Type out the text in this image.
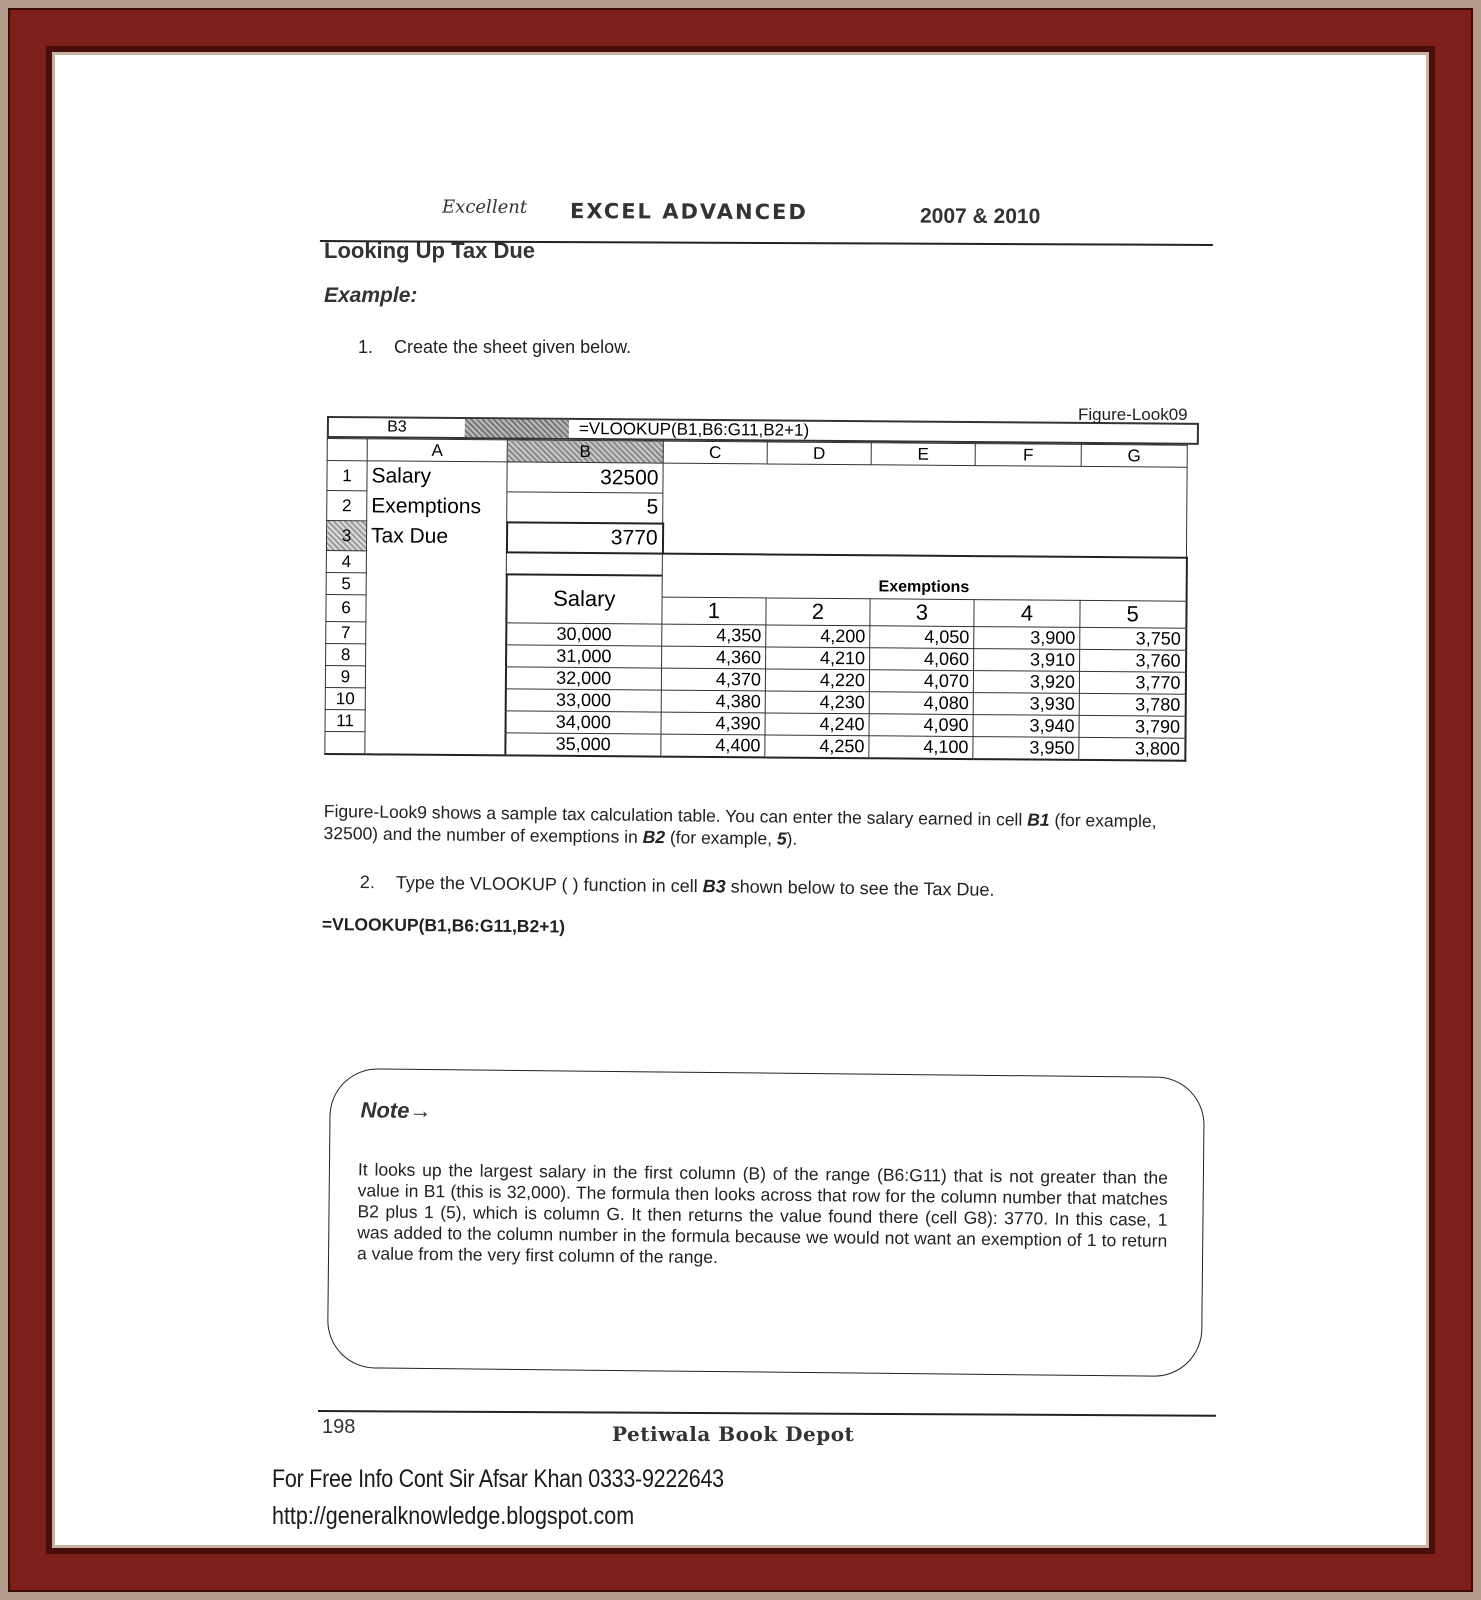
Excellent EXCEL ADVANCED	2007 & 2010
Looking Up Tax Due
Example:
1. Create the sheet given below.
Figure-Look09
B3	=VLOOKUP(B1,B6:G11,B2+1)
	A	B	C	D	E	F	G
1	Salary	32500					
2	Exemptions	5					
3	Tax Due	3770					
4							
5		Salary	Exemptions				
6			1	2	3	4	5
7		30,000	4,350	4,200	4,050	3,900	3,750
8		31,000	4,360	4,210	4,060	3,910	3,760
9		32,000	4,370	4,220	4,070	3,920	3,770
10		33,000	4,380	4,230	4,080	3,930	3,780
11		34,000	4,390	4,240	4,090	3,940	3,790
		35,000	4,400	4,250	4,100	3,950	3,800
Figure-Look9 shows a sample tax calculation table. You can enter the salary earned in cell B1 (for example, 32500) and the number of exemptions in B2 (for example, 5).
2. Type the VLOOKUP ( ) function in cell B3 shown below to see the Tax Due.
=VLOOKUP(B1,B6:G11,B2+1)
Note→
It looks up the largest salary in the first column (B) of the range (B6:G11) that is not greater than the value in B1 (this is 32,000). The formula then looks across that row for the column number that matches B2 plus 1 (5), which is column G. It then returns the value found there (cell G8): 3770. In this case, 1 was added to the column number in the formula because we would not want an exemption of 1 to return a value from the very first column of the range.
198	Petiwala Book Depot
For Free Info Cont Sir Afsar Khan 0333-9222643
http://generalknowledge.blogspot.com
